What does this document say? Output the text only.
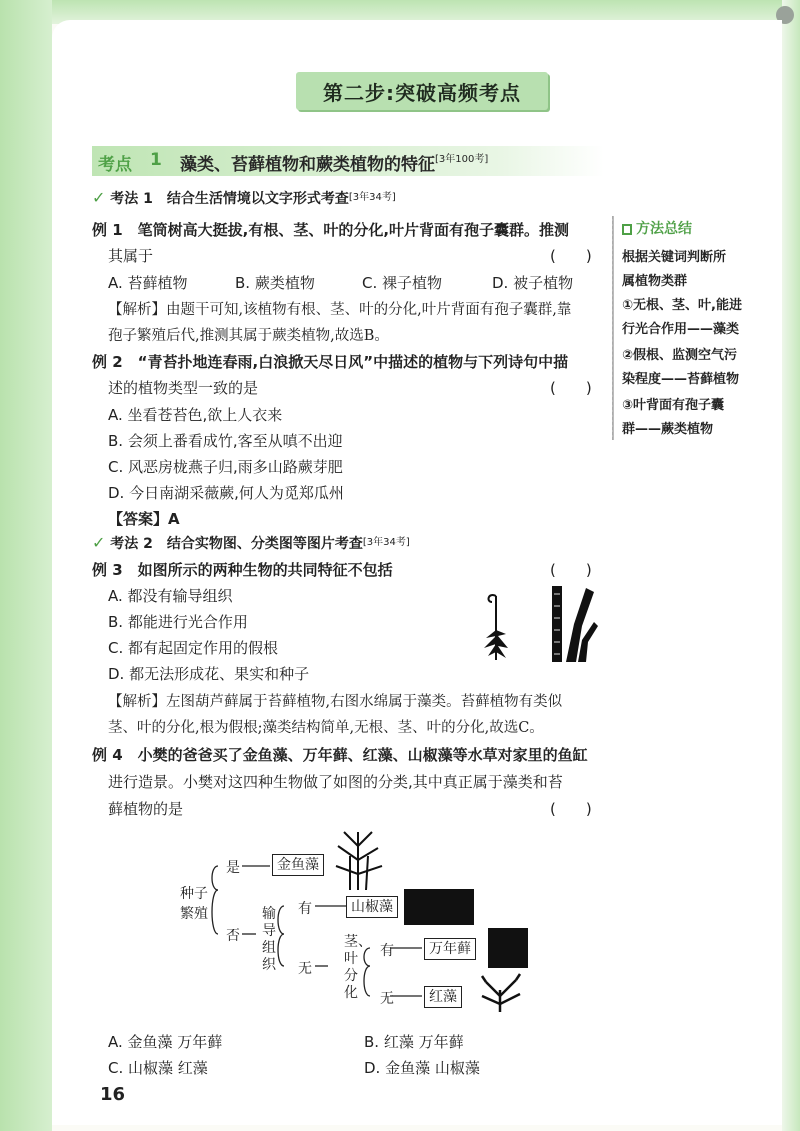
第二步:突破高频考点
考点 1 藻类、苔藓植物和蕨类植物的特征[3年100考]
✓ 考法 1　结合生活情境以文字形式考查[3年34考]
例 1　笔筒树高大挺拔,有根、茎、叶的分化,叶片背面有孢子囊群。推测
其属于	(　　)
A. 苔藓植物	B. 蕨类植物	C. 裸子植物	D. 被子植物
【解析】由题干可知,该植物有根、茎、叶的分化,叶片背面有孢子囊群,靠
孢子繁殖后代,推测其属于蕨类植物,故选B。
例 2　“青苔扑地连春雨,白浪掀天尽日风”中描述的植物与下列诗句中描
述的植物类型一致的是	(　　)
A. 坐看苍苔色,欲上人衣来
B. 会须上番看成竹,客至从嗔不出迎
C. 风恶房栊燕子归,雨多山路蕨芽肥
D. 今日南湖采薇蕨,何人为觅郑瓜州
【答案】A
✓ 考法 2　结合实物图、分类图等图片考查[3年34考]
例 3　如图所示的两种生物的共同特征不包括	(　　)
A. 都没有输导组织
B. 都能进行光合作用
C. 都有起固定作用的假根
D. 都无法形成花、果实和种子
【解析】左图葫芦藓属于苔藓植物,右图水绵属于藻类。苔藓植物有类似
茎、叶的分化,根为假根;藻类结构简单,无根、茎、叶的分化,故选C。
例 4　小樊的爸爸买了金鱼藻、万年藓、红藻、山椒藻等水草对家里的鱼缸
进行造景。小樊对这四种生物做了如图的分类,其中真正属于藻类和苔
藓植物的是	(　　)
种子
繁殖
是	金鱼藻
否
输
导
组
织
有	山椒藻
无
茎、
叶
分
化
有	万年藓
无	红藻
A. 金鱼藻 万年藓	B. 红藻 万年藓
C. 山椒藻 红藻	D. 金鱼藻 山椒藻
方法总结
根据关键词判断所
属植物类群
①无根、茎、叶,能进
行光合作用——藻类
②假根、监测空气污
染程度——苔藓植物
③叶背面有孢子囊
群——蕨类植物
16
